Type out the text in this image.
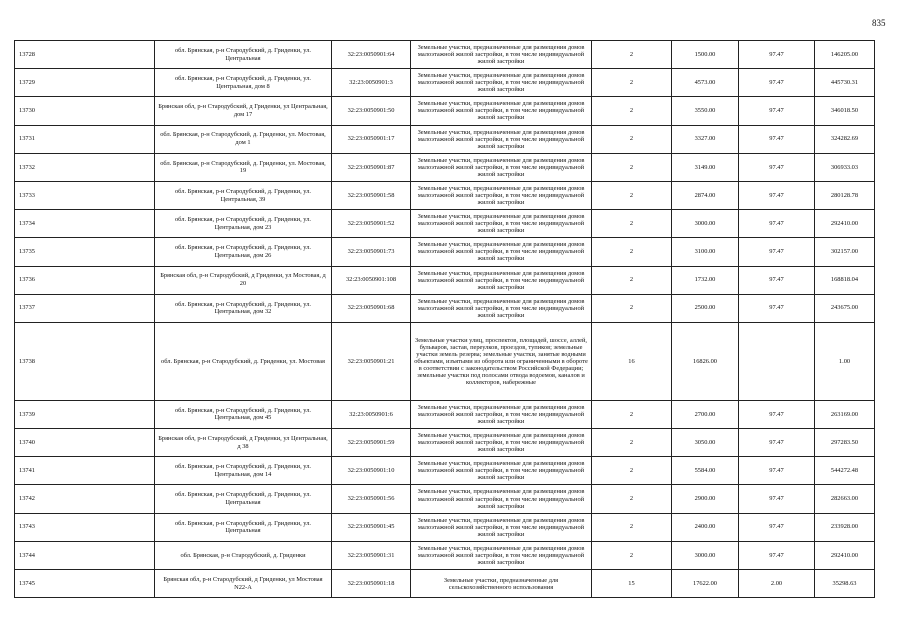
835
13728	обл. Брянская, р-н Стародубский, д. Гриденки, ул. Центральная	32:23:0050901:64	Земельные участки, предназначенные для размещения домов малоэтажной жилой застройки, в том числе индивидуальной жилой застройки	2	1500.00	97.47	146205.00
13729	обл. Брянская, р-н Стародубский, д. Гриденки, ул. Центральная, дом 8	32:23:0050901:3	Земельные участки, предназначенные для размещения домов малоэтажной жилой застройки, в том числе индивидуальной жилой застройки	2	4573.00	97.47	445730.31
13730	Брянская обл, р-н Стародубский, д Гриденки, ул Центральная, дом 17	32:23:0050901:50	Земельные участки, предназначенные для размещения домов малоэтажной жилой застройки, в том числе индивидуальной жилой застройки	2	3550.00	97.47	346018.50
13731	обл. Брянская, р-н Стародубский, д. Гриденки, ул. Мостовая, дом 1	32:23:0050901:17	Земельные участки, предназначенные для размещения домов малоэтажной жилой застройки, в том числе индивидуальной жилой застройки	2	3327.00	97.47	324282.69
13732	обл. Брянская, р-н Стародубский, д. Гриденки, ул. Мостовая, 19	32:23:0050901:87	Земельные участки, предназначенные для размещения домов малоэтажной жилой застройки, в том числе индивидуальной жилой застройки	2	3149.00	97.47	306933.03
13733	обл. Брянская, р-н Стародубский, д. Гриденки, ул. Центральная, 39	32:23:0050901:58	Земельные участки, предназначенные для размещения домов малоэтажной жилой застройки, в том числе индивидуальной жилой застройки	2	2874.00	97.47	280128.78
13734	обл. Брянская, р-н Стародубский, д. Гриденки, ул. Центральная, дом 23	32:23:0050901:52	Земельные участки, предназначенные для размещения домов малоэтажной жилой застройки, в том числе индивидуальной жилой застройки	2	3000.00	97.47	292410.00
13735	обл. Брянская, р-н Стародубский, д. Гриденки, ул. Центральная, дом 26	32:23:0050901:73	Земельные участки, предназначенные для размещения домов малоэтажной жилой застройки, в том числе индивидуальной жилой застройки	2	3100.00	97.47	302157.00
13736	Брянская обл, р-н Стародубский, д Гриденки, ул Мостовая, д 20	32:23:0050901:108	Земельные участки, предназначенные для размещения домов малоэтажной жилой застройки, в том числе индивидуальной жилой застройки	2	1732.00	97.47	168818.04
13737	обл. Брянская, р-н Стародубский, д. Гриденки, ул. Центральная, дом 32	32:23:0050901:68	Земельные участки, предназначенные для размещения домов малоэтажной жилой застройки, в том числе индивидуальной жилой застройки	2	2500.00	97.47	243675.00
13738	обл. Брянская, р-н Стародубский, д. Гриденки, ул. Мостовая	32:23:0050901:21	Земельные участки улиц, проспектов, площадей, шоссе, аллей, бульваров, застав, переулков, проездов, тупиков; земельные участки земель резерва; земельные участки, занятые водными объектами, изъятыми из оборота или ограниченными в обороте в соответствии с законодательством Российской Федерации; земельные участки под полосами отвода водоемов, каналов и коллекторов, набережные	16	16826.00		1.00
13739	обл. Брянская, р-н Стародубский, д. Гриденки, ул. Центральная, дом 45	32:23:0050901:6	Земельные участки, предназначенные для размещения домов малоэтажной жилой застройки, в том числе индивидуальной жилой застройки	2	2700.00	97.47	263169.00
13740	Брянская обл, р-н Стародубский, д Гриденки, ул Центральная, д 38	32:23:0050901:59	Земельные участки, предназначенные для размещения домов малоэтажной жилой застройки, в том числе индивидуальной жилой застройки	2	3050.00	97.47	297283.50
13741	обл. Брянская, р-н Стародубский, д. Гриденки, ул. Центральная, дом 14	32:23:0050901:10	Земельные участки, предназначенные для размещения домов малоэтажной жилой застройки, в том числе индивидуальной жилой застройки	2	5584.00	97.47	544272.48
13742	обл. Брянская, р-н Стародубский, д. Гриденки, ул. Центральная	32:23:0050901:56	Земельные участки, предназначенные для размещения домов малоэтажной жилой застройки, в том числе индивидуальной жилой застройки	2	2900.00	97.47	282663.00
13743	обл. Брянская, р-н Стародубский, д. Гриденки, ул. Центральная	32:23:0050901:45	Земельные участки, предназначенные для размещения домов малоэтажной жилой застройки, в том числе индивидуальной жилой застройки	2	2400.00	97.47	233928.00
13744	обл. Брянская, р-н Стародубский, д. Гриденки	32:23:0050901:31	Земельные участки, предназначенные для размещения домов малоэтажной жилой застройки, в том числе индивидуальной жилой застройки	2	3000.00	97.47	292410.00
13745	Брянская обл, р-н Стародубский, д Гриденки, ул Мостовая N22-А	32:23:0050901:18	Земельные участки, предназначенные для сельскохозяйственного использования	15	17622.00	2.00	35298.63
